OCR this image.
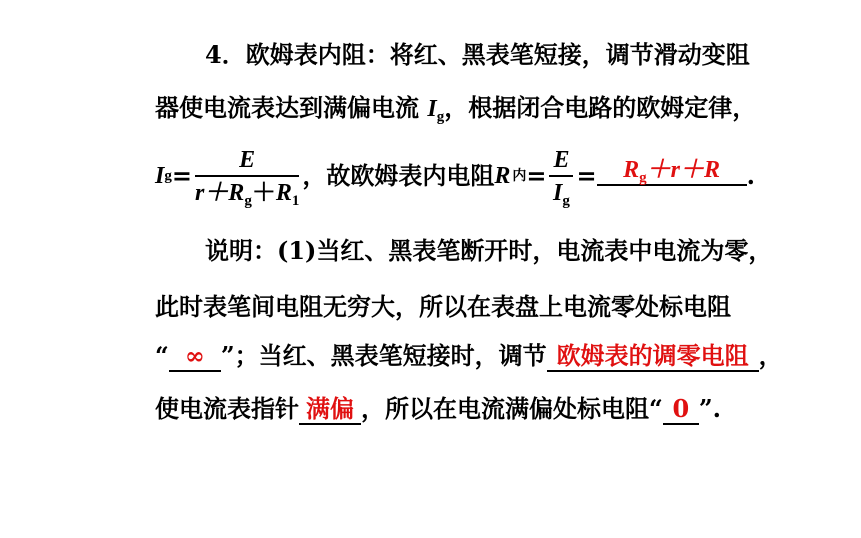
4．欧姆表内阻：将红、黑表笔短接，调节滑动变阻
器使电流表达到满偏电流 $I_g$，根据闭合电路的欧姆定律，
I $g = \frac{E}{r+R_g+R_1}$ ，故欧姆表内电阻 R 内 = $\frac{E}{I_g}$ =	$R_g+r+R$	.
说明：(1)当红、黑表笔断开时，电流表中电流为零，
此时表笔间电阻无穷大，所以在表盘上电流零处标电阻
“ ∞ ”；当红、黑表笔短接时，调节 欧姆表的调零电阻 ，
使电流表指针 满偏 ，所以在电流满偏处标电阻“ 0 ”.
